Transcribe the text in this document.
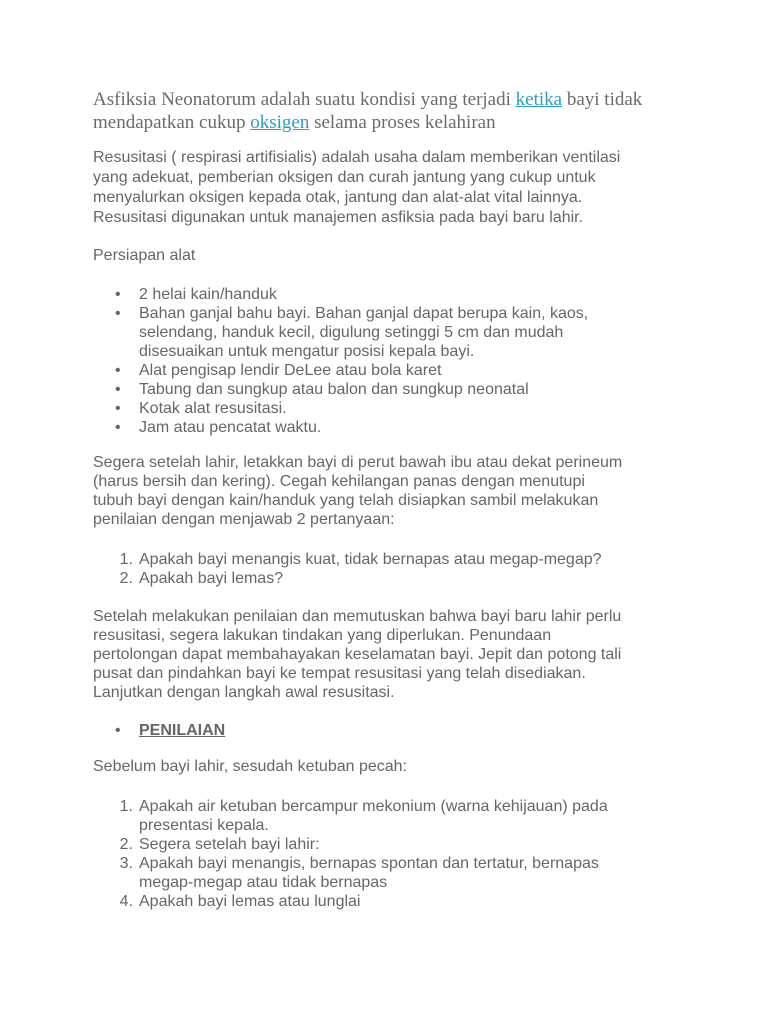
Asfiksia Neonatorum adalah suatu kondisi yang terjadi ketika bayi tidak
mendapatkan cukup oksigen selama proses kelahiran
Resusitasi ( respirasi artifisialis) adalah usaha dalam memberikan ventilasi
yang adekuat, pemberian oksigen dan curah jantung yang cukup untuk
menyalurkan oksigen kepada otak, jantung dan alat-alat vital lainnya.
Resusitasi digunakan untuk manajemen asfiksia pada bayi baru lahir.
Persiapan alat
•	2 helai kain/handuk
•	Bahan ganjal bahu bayi. Bahan ganjal dapat berupa kain, kaos,
selendang, handuk kecil, digulung setinggi 5 cm dan mudah
disesuaikan untuk mengatur posisi kepala bayi.
•	Alat pengisap lendir DeLee atau bola karet
•	Tabung dan sungkup atau balon dan sungkup neonatal
•	Kotak alat resusitasi.
•	Jam atau pencatat waktu.
Segera setelah lahir, letakkan bayi di perut bawah ibu atau dekat perineum
(harus bersih dan kering). Cegah kehilangan panas dengan menutupi
tubuh bayi dengan kain/handuk yang telah disiapkan sambil melakukan
penilaian dengan menjawab 2 pertanyaan:
1. Apakah bayi menangis kuat, tidak bernapas atau megap-megap?
2. Apakah bayi lemas?
Setelah melakukan penilaian dan memutuskan bahwa bayi baru lahir perlu
resusitasi, segera lakukan tindakan yang diperlukan. Penundaan
pertolongan dapat membahayakan keselamatan bayi. Jepit dan potong tali
pusat dan pindahkan bayi ke tempat resusitasi yang telah disediakan.
Lanjutkan dengan langkah awal resusitasi.
•	PENILAIAN
Sebelum bayi lahir, sesudah ketuban pecah:
1. Apakah air ketuban bercampur mekonium (warna kehijauan) pada
presentasi kepala.
2. Segera setelah bayi lahir:
3. Apakah bayi menangis, bernapas spontan dan tertatur, bernapas
megap-megap atau tidak bernapas
4. Apakah bayi lemas atau lunglai
